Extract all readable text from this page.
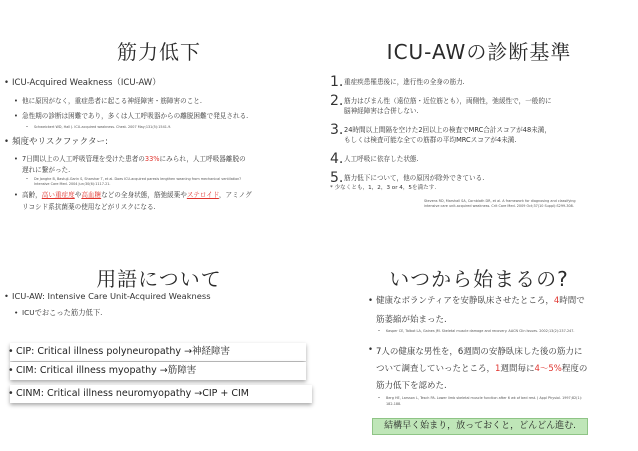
筋力低下
• ICU-Acquired Weakness（ICU-AW）
• 他に原因がなく，重症患者に起こる神経障害・筋障害のこと.
• 急性期の診断は困難であり，多くは人工呼吸器からの離脱困難で発見される.
• Schweickert WD, Hall J. ICU-acquired weakness. Chest. 2007 May;131(5):1541-9.
• 頻度やリスクファクター:
• 7日間以上の人工呼吸管理を受けた患者の33%にみられ，人工呼吸器離脱の
遅れに繋がった.
• De Jonghe B, Bastuji-Garin S, Sharshar T, et al. Does ICU-acquired paresis lengthen weaning from mechanical ventilation?
Intensive Care Med. 2004 Jun;30(6):1117-21.
• 高齢，高い重症度や高血糖などの全身状態，筋弛緩薬やステロイド，アミノグ
リコシド系抗菌薬の使用などがリスクになる.
ICU-AWの診断基準
1. 重症疾患罹患後に，進行性の全身の筋力.
2. 筋力はびまん性（遠位筋・近位筋とも），両側性，弛緩性で，一般的に
脳神経障害は合併しない.
3. 24時間以上間隔を空けた2回以上の検査でMRC合計スコアが48未満，
もしくは検査可能な全ての筋群の平均MRCスコアが4未満.
4. 人工呼吸に依存した状態.
5. 筋力低下について，他の原因が除外できている.
* 少なくとも，1，2，3 or 4，5を満たす.
Stevens RD, Marshall SA, Cornblath DR, et al. A framework for diagnosing and classifying
intensive care unit-acquired weakness. Crit Care Med. 2009 Oct;37(10 Suppl):S299-308.
用語について
• ICU-AW: Intensive Care Unit-Acquired Weakness
• ICUでおこった筋力低下.
• CIP: Critical illness polyneuropathy →神経障害
• CIM: Critical illness myopathy →筋障害
• CINM: Critical illness neuromyopathy →CIP + CIM
いつから始まるの?
• 健康なボランティアを安静臥床させたところ，4時間で
筋萎縮が始まった.
• Kasper CE, Talbot LA, Gaines JM. Skeletal muscle damage and recovery. AACN Clin Issues. 2002;13(2):237-247.
• 7人の健康な男性を，6週間の安静臥床した後の筋力に
ついて調査していったところ，1週間毎に4〜5%程度の
筋力低下を認めた.
• Berg HE, Larsson L, Tesch PA. Lower limb skeletal muscle function after 6 wk of bed rest. J Appl Physiol. 1997;82(1):
182-188.
結構早く始まり，放っておくと，どんどん進む.
